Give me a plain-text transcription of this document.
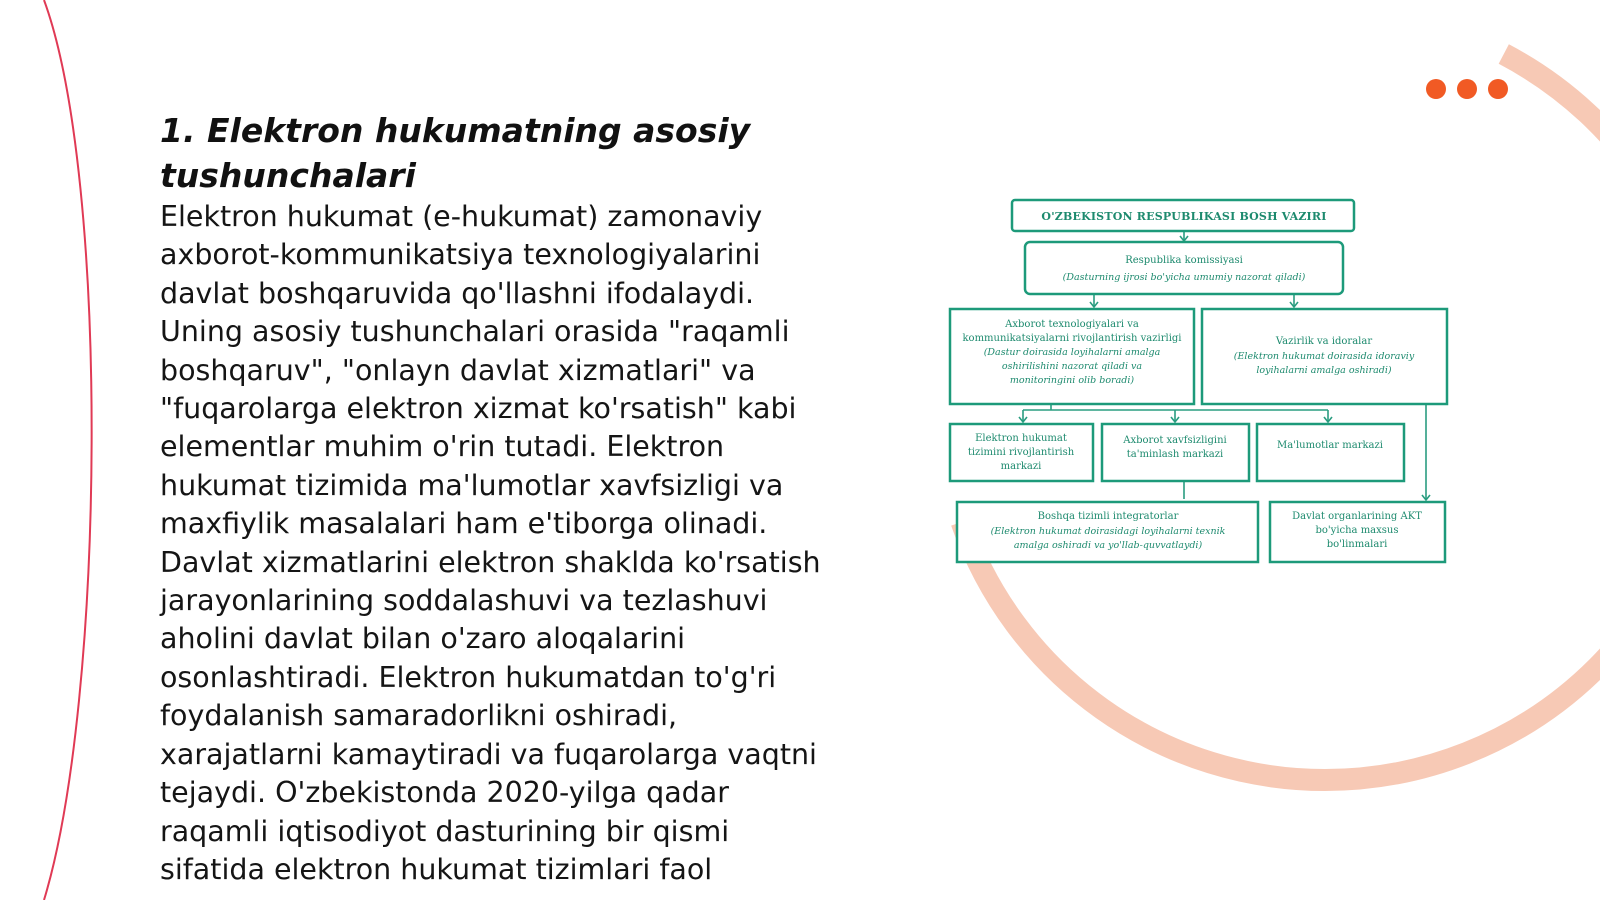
1. Elektron hukumatning asosiy tushunchalari

Elektron hukumat (e-hukumat) zamonaviy axborot-kommunikatsiya texnologiyalarini davlat boshqaruvida qo'llashni ifodalaydi. Uning asosiy tushunchalari orasida "raqamli boshqaruv", "onlayn davlat xizmatlari" va "fuqarolarga elektron xizmat ko'rsatish" kabi elementlar muhim o'rin tutadi. Elektron hukumat tizimida ma'lumotlar xavfsizligi va maxfiylik masalalari ham e'tiborga olinadi. Davlat xizmatlarini elektron shaklda ko'rsatish jarayonlarining soddalashuvi va tezlashuvi aholini davlat bilan o'zaro aloqalarini osonlashtiradi. Elektron hukumatdan to'g'ri foydalanish samaradorlikni oshiradi, xarajatlarni kamaytiradi va fuqarolarga vaqtni tejaydi. O'zbekistonda 2020-yilga qadar raqamli iqtisodiyot dasturining bir qismi sifatida elektron hukumat tizimlari faol

O'ZBEKISTON RESPUBLIKASI BOSH VAZIRI
Respublika komissiyasi
(Dasturning ijrosi bo'yicha umumiy nazorat qiladi)
Axborot texnologiyalari va
kommunikatsiyalarni rivojlantirish vazirligi
(Dastur doirasida loyihalarni amalga
oshirilishini nazorat qiladi va
monitoringini olib boradi)
Vazirlik va idoralar
(Elektron hukumat doirasida idoraviy
loyihalarni amalga oshiradi)
Elektron hukumat
tizimini rivojlantirish
markazi
Axborot xavfsizligini
ta'minlash markazi
Ma'lumotlar markazi
Boshqa tizimli integratorlar
(Elektron hukumat doirasidagi loyihalarni texnik
amalga oshiradi va yo'llab-quvvatlaydi)
Davlat organlarining AKT
bo'yicha maxsus
bo'linmalari
